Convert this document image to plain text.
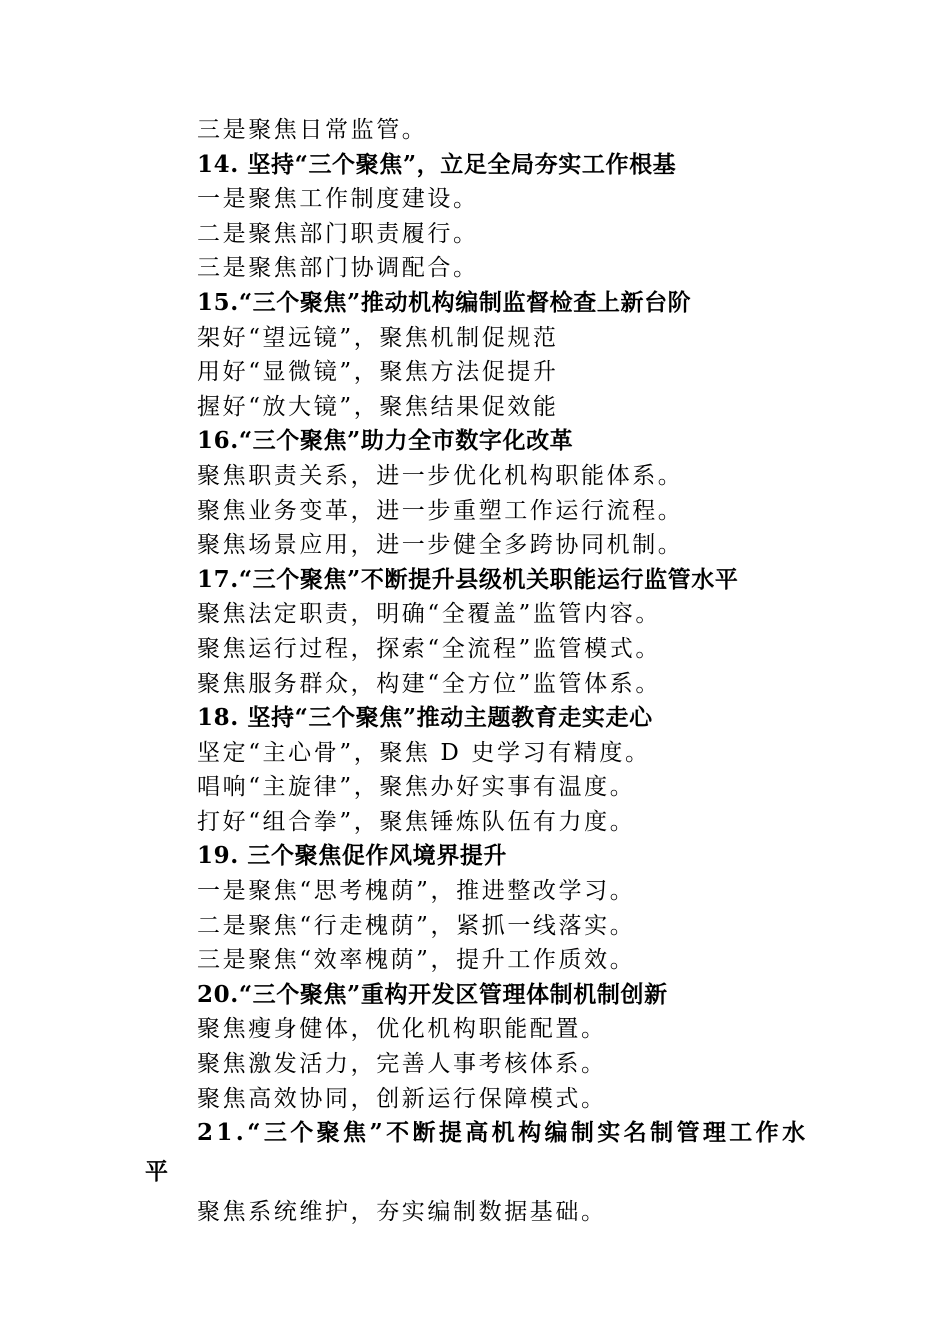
三是聚焦日常监管。
14. 坚持“三个聚焦”，立足全局夯实工作根基
一是聚焦工作制度建设。
二是聚焦部门职责履行。
三是聚焦部门协调配合。
15.“三个聚焦”推动机构编制监督检查上新台阶
架好“望远镜”，聚焦机制促规范
用好“显微镜”，聚焦方法促提升
握好“放大镜”，聚焦结果促效能
16.“三个聚焦”助力全市数字化改革
聚焦职责关系，进一步优化机构职能体系。
聚焦业务变革，进一步重塑工作运行流程。
聚焦场景应用，进一步健全多跨协同机制。
17.“三个聚焦”不断提升县级机关职能运行监管水平
聚焦法定职责，明确“全覆盖”监管内容。
聚焦运行过程，探索“全流程”监管模式。
聚焦服务群众，构建“全方位”监管体系。
18. 坚持“三个聚焦”推动主题教育走实走心
坚定“主心骨”，聚焦 D 史学习有精度。
唱响“主旋律”，聚焦办好实事有温度。
打好“组合拳”，聚焦锤炼队伍有力度。
19. 三个聚焦促作风境界提升
一是聚焦“思考槐荫”，推进整改学习。
二是聚焦“行走槐荫”，紧抓一线落实。
三是聚焦“效率槐荫”，提升工作质效。
20.“三个聚焦”重构开发区管理体制机制创新
聚焦瘦身健体，优化机构职能配置。
聚焦激发活力，完善人事考核体系。
聚焦高效协同，创新运行保障模式。
21.“三个聚焦”不断提高机构编制实名制管理工作水
平
聚焦系统维护，夯实编制数据基础。
